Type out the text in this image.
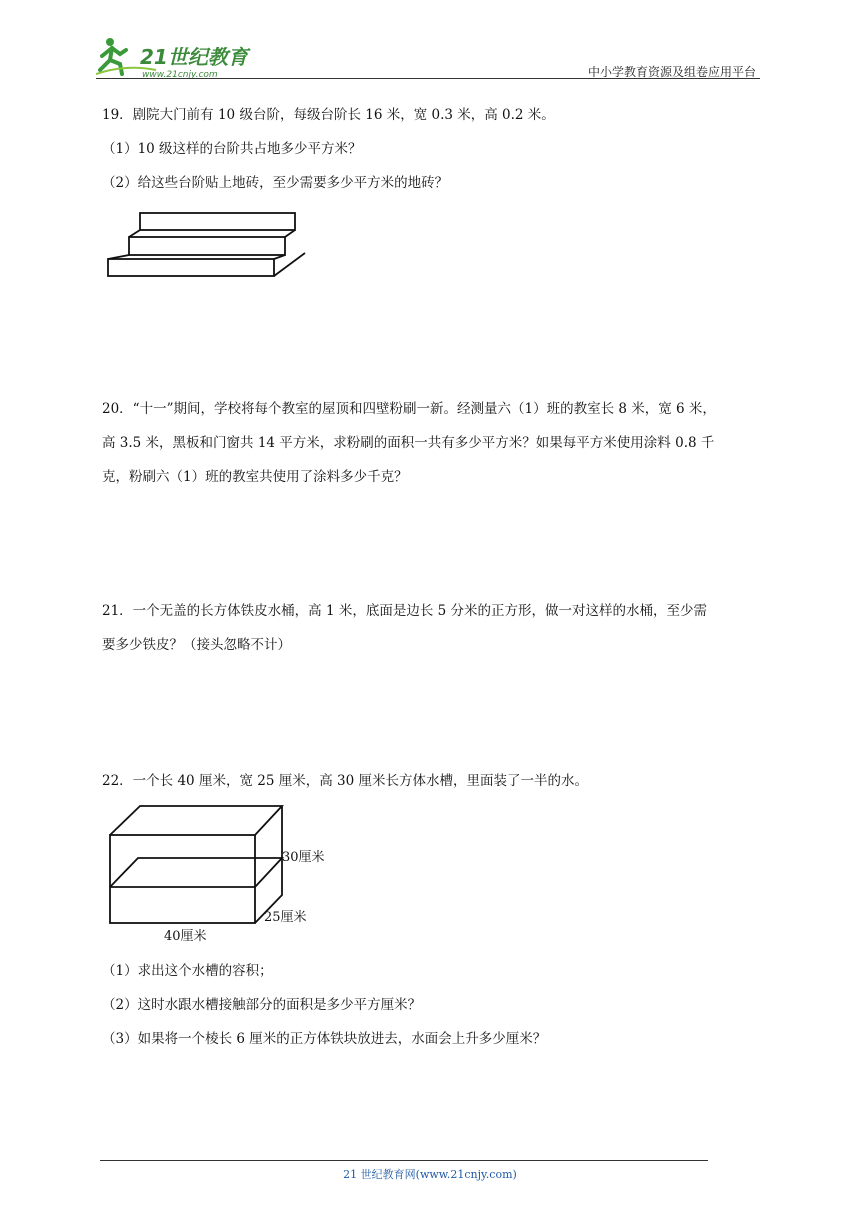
21世纪教育
www.21cnjy.com	中小学教育资源及组卷应用平台
19．剧院大门前有 10 级台阶，每级台阶长 16 米，宽 0.3 米，高 0.2 米。
（1）10 级这样的台阶共占地多少平方米？
（2）给这些台阶贴上地砖，至少需要多少平方米的地砖？
20．“十一”期间，学校将每个教室的屋顶和四壁粉刷一新。经测量六（1）班的教室长 8 米，宽 6 米，
高 3.5 米，黑板和门窗共 14 平方米，求粉刷的面积一共有多少平方米？如果每平方米使用涂料 0.8 千
克，粉刷六（1）班的教室共使用了涂料多少千克？
21．一个无盖的长方体铁皮水桶，高 1 米，底面是边长 5 分米的正方形，做一对这样的水桶，至少需
要多少铁皮？（接头忽略不计）
22．一个长 40 厘米，宽 25 厘米，高 30 厘米长方体水槽，里面装了一半的水。
30厘米
25厘米
40厘米
（1）求出这个水槽的容积；
（2）这时水跟水槽接触部分的面积是多少平方厘米？
（3）如果将一个棱长 6 厘米的正方体铁块放进去，水面会上升多少厘米？
21 世纪教育网(www.21cnjy.com)
